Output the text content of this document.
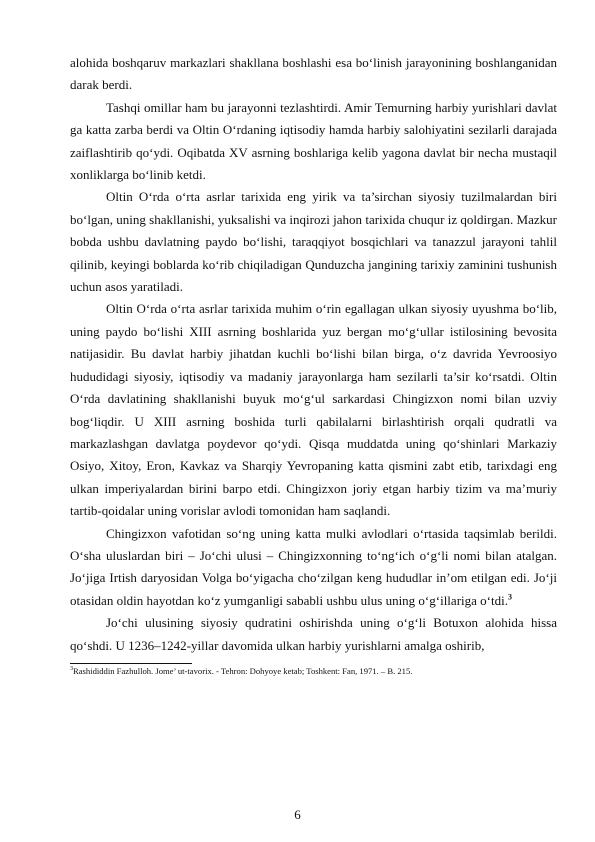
alohida boshqaruv markazlari shakllana boshlashi esa bo‘linish jarayonining boshlanganidan darak berdi.

Tashqi omillar ham bu jarayonni tezlashtirdi. Amir Temurning harbiy yurishlari davlat ga katta zarba berdi va Oltin O‘rdaning iqtisodiy hamda harbiy salohiyatini sezilarli darajada zaiflashtirib qo‘ydi. Oqibatda XV asrning boshlariga kelib yagona davlat bir necha mustaqil xonliklarga bo‘linib ketdi.

Oltin O‘rda o‘rta asrlar tarixida eng yirik va ta’sirchan siyosiy tuzilmalardan biri bo‘lgan, uning shakllanishi, yuksalishi va inqirozi jahon tarixida chuqur iz qoldirgan. Mazkur bobda ushbu davlatning paydo bo‘lishi, taraqqiyot bosqichlari va tanazzul jarayoni tahlil qilinib, keyingi boblarda ko‘rib chiqiladigan Qunduzcha jangining tarixiy zaminini tushunish uchun asos yaratiladi.

Oltin O‘rda o‘rta asrlar tarixida muhim o‘rin egallagan ulkan siyosiy uyushma bo‘lib, uning paydo bo‘lishi XIII asrning boshlarida yuz bergan mo‘g‘ullar istilosining bevosita natijasidir. Bu davlat harbiy jihatdan kuchli bo‘lishi bilan birga, o‘z davrida Yevroosiyo hududidagi siyosiy, iqtisodiy va madaniy jarayonlarga ham sezilarli ta’sir ko‘rsatdi. Oltin O‘rda davlatining shakllanishi buyuk mo‘g‘ul sarkardasi Chingizxon nomi bilan uzviy bog‘liqdir. U XIII asrning boshida turli qabilalarni birlashtirish orqali qudratli va markazlashgan davlatga poydevor qo‘ydi. Qisqa muddatda uning qo‘shinlari Markaziy Osiyo, Xitoy, Eron, Kavkaz va Sharqiy Yevropaning katta qismini zabt etib, tarixdagi eng ulkan imperiyalardan birini barpo etdi. Chingizxon joriy etgan harbiy tizim va ma’muriy tartib-qoidalar uning vorislar avlodi tomonidan ham saqlandi.

Chingizxon vafotidan so‘ng uning katta mulki avlodlari o‘rtasida taqsimlab berildi. O‘sha uluslardan biri – Jo‘chi ulusi – Chingizxonning to‘ng‘ich o‘g‘li nomi bilan atalgan. Jo‘jiga Irtish daryosidan Volga bo‘yigacha cho‘zilgan keng hududlar in’om etilgan edi. Jo‘ji otasidan oldin hayotdan ko‘z yumganligi sababli ushbu ulus uning o‘g‘illariga o‘tdi.$^3$

Jo‘chi ulusining siyosiy qudratini oshirishda uning o‘g‘li Botuxon alohida hissa qo‘shdi. U 1236–1242-yillar davomida ulkan harbiy yurishlarni amalga oshirib,

$^3$Rashididdin Fazhulloh. Jome’ ut-tavorix. - Tehron: Dohyoye ketab; Toshkent: Fan, 1971. – B. 215.

6
